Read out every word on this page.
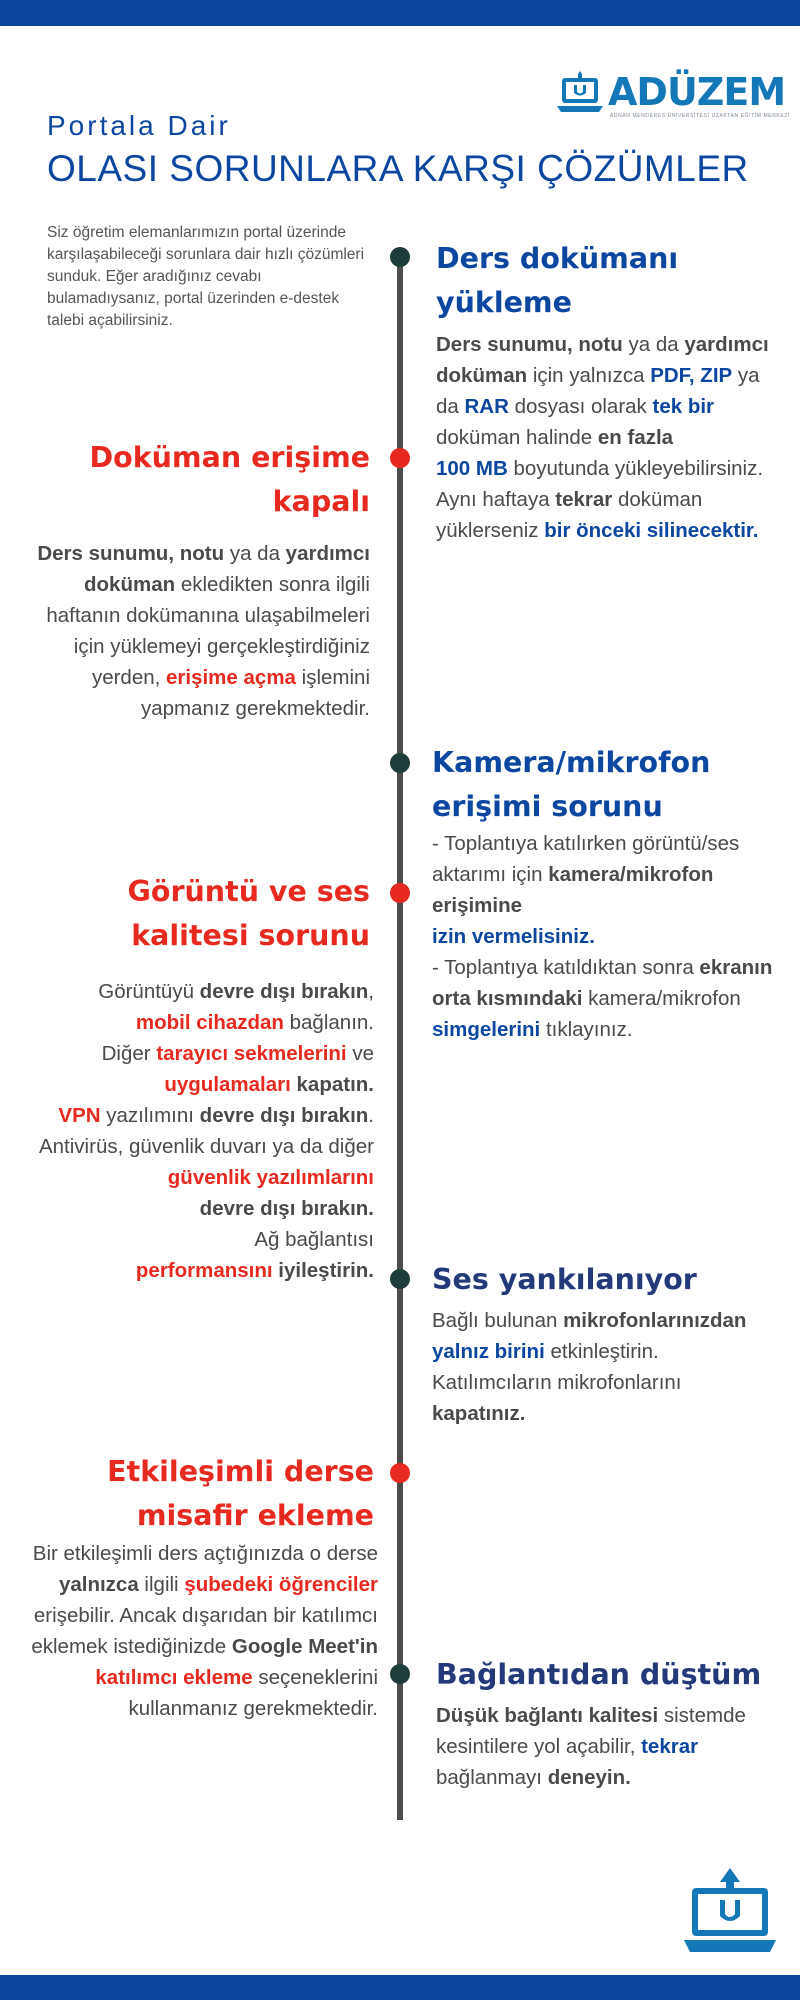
ADÜZEM
ADNAN MENDERES ÜNİVERSİTESİ UZAKTAN EĞİTİM MERKEZİ
Portala Dair
OLASI SORUNLARA KARŞI ÇÖZÜMLER
Siz öğretim elemanlarımızın portal üzerinde karşılaşabileceği sorunlara dair hızlı çözümleri sunduk. Eğer aradığınız cevabı bulamadıysanız, portal üzerinden e-destek talebi açabilirsiniz.
Ders dokümanı
yükleme
Ders sunumu, notu ya da yardımcı doküman için yalnızca PDF, ZIP ya da RAR dosyası olarak tek bir doküman halinde en fazla
100 MB boyutunda yükleyebilirsiniz. Aynı haftaya tekrar doküman yüklerseniz bir önceki silinecektir.
Doküman erişime
kapalı
Ders sunumu, notu ya da yardımcı doküman ekledikten sonra ilgili haftanın dokümanına ulaşabilmeleri için yüklemeyi gerçekleştirdiğiniz yerden, erişime açma işlemini yapmanız gerekmektedir.
Kamera/mikrofon
erişimi sorunu
- Toplantıya katılırken görüntü/ses aktarımı için kamera/mikrofon erişimine
izin vermelisiniz.
- Toplantıya katıldıktan sonra ekranın orta kısmındaki kamera/mikrofon simgelerini tıklayınız.
Görüntü ve ses
kalitesi sorunu
Görüntüyü devre dışı bırakın,
mobil cihazdan bağlanın.
Diğer tarayıcı sekmelerini ve
uygulamaları kapatın.
VPN yazılımını devre dışı bırakın.
Antivirüs, güvenlik duvarı ya da diğer güvenlik yazılımlarını
devre dışı bırakın.
Ağ bağlantısı
performansını iyileştirin. Ses yankılanıyor
Bağlı bulunan mikrofonlarınızdan yalnız birini etkinleştirin. Katılımcıların mikrofonlarını kapatınız.
Etkileşimli derse
misafir ekleme
Bir etkileşimli ders açtığınızda o derse yalnızca ilgili şubedeki öğrenciler erişebilir. Ancak dışarıdan bir katılımcı eklemek istediğinizde Google Meet'in
katılımcı ekleme seçeneklerini kullanmanız gerekmektedir.
Bağlantıdan düştüm
Düşük bağlantı kalitesi sistemde kesintilere yol açabilir, tekrar bağlanmayı deneyin.
